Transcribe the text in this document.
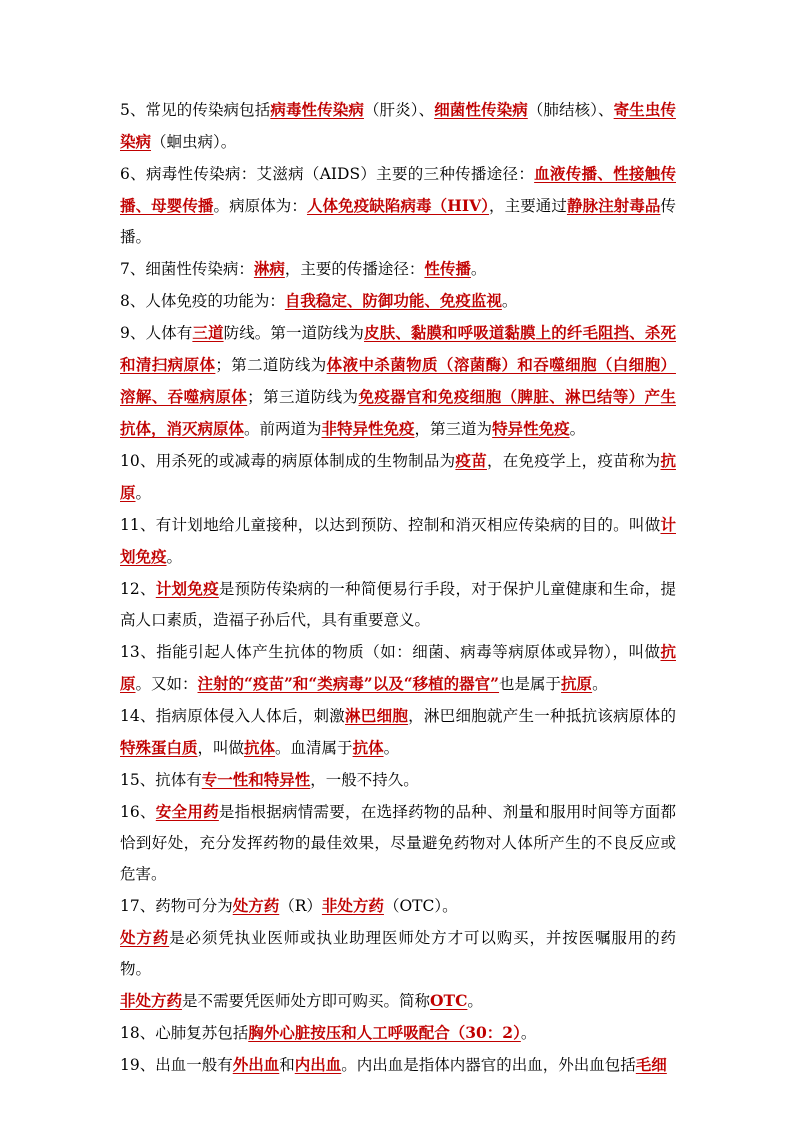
5、常见的传染病包括病毒性传染病（肝炎）、细菌性传染病（肺结核）、寄生虫传染病（蛔虫病）。

6、病毒性传染病：艾滋病（AIDS）主要的三种传播途径：血液传播、性接触传播、母婴传播。病原体为：人体免疫缺陷病毒（HIV），主要通过静脉注射毒品传播。

7、细菌性传染病：淋病，主要的传播途径：性传播。

8、人体免疫的功能为：自我稳定、防御功能、免疫监视。

9、人体有三道防线。第一道防线为皮肤、黏膜和呼吸道黏膜上的纤毛阻挡、杀死和清扫病原体；第二道防线为体液中杀菌物质（溶菌酶）和吞噬细胞（白细胞）溶解、吞噬病原体；第三道防线为免疫器官和免疫细胞（脾脏、淋巴结等）产生抗体，消灭病原体。前两道为非特异性免疫，第三道为特异性免疫。

10、用杀死的或减毒的病原体制成的生物制品为疫苗，在免疫学上，疫苗称为抗原。

11、有计划地给儿童接种，以达到预防、控制和消灭相应传染病的目的。叫做计划免疫。

12、计划免疫是预防传染病的一种简便易行手段，对于保护儿童健康和生命，提高人口素质，造福子孙后代，具有重要意义。

13、指能引起人体产生抗体的物质（如：细菌、病毒等病原体或异物），叫做抗原。又如：注射的“疫苗”和“类病毒”以及“移植的器官”也是属于抗原。

14、指病原体侵入人体后，刺激淋巴细胞，淋巴细胞就产生一种抵抗该病原体的特殊蛋白质，叫做抗体。血清属于抗体。

15、抗体有专一性和特异性，一般不持久。

16、安全用药是指根据病情需要，在选择药物的品种、剂量和服用时间等方面都恰到好处，充分发挥药物的最佳效果，尽量避免药物对人体所产生的不良反应或危害。

17、药物可分为处方药（R）非处方药（OTC）。

处方药是必须凭执业医师或执业助理医师处方才可以购买，并按医嘱服用的药物。

非处方药是不需要凭医师处方即可购买。简称OTC。

18、心肺复苏包括胸外心脏按压和人工呼吸配合（30：2）。

19、出血一般有外出血和内出血。内出血是指体内器官的出血，外出血包括毛细
